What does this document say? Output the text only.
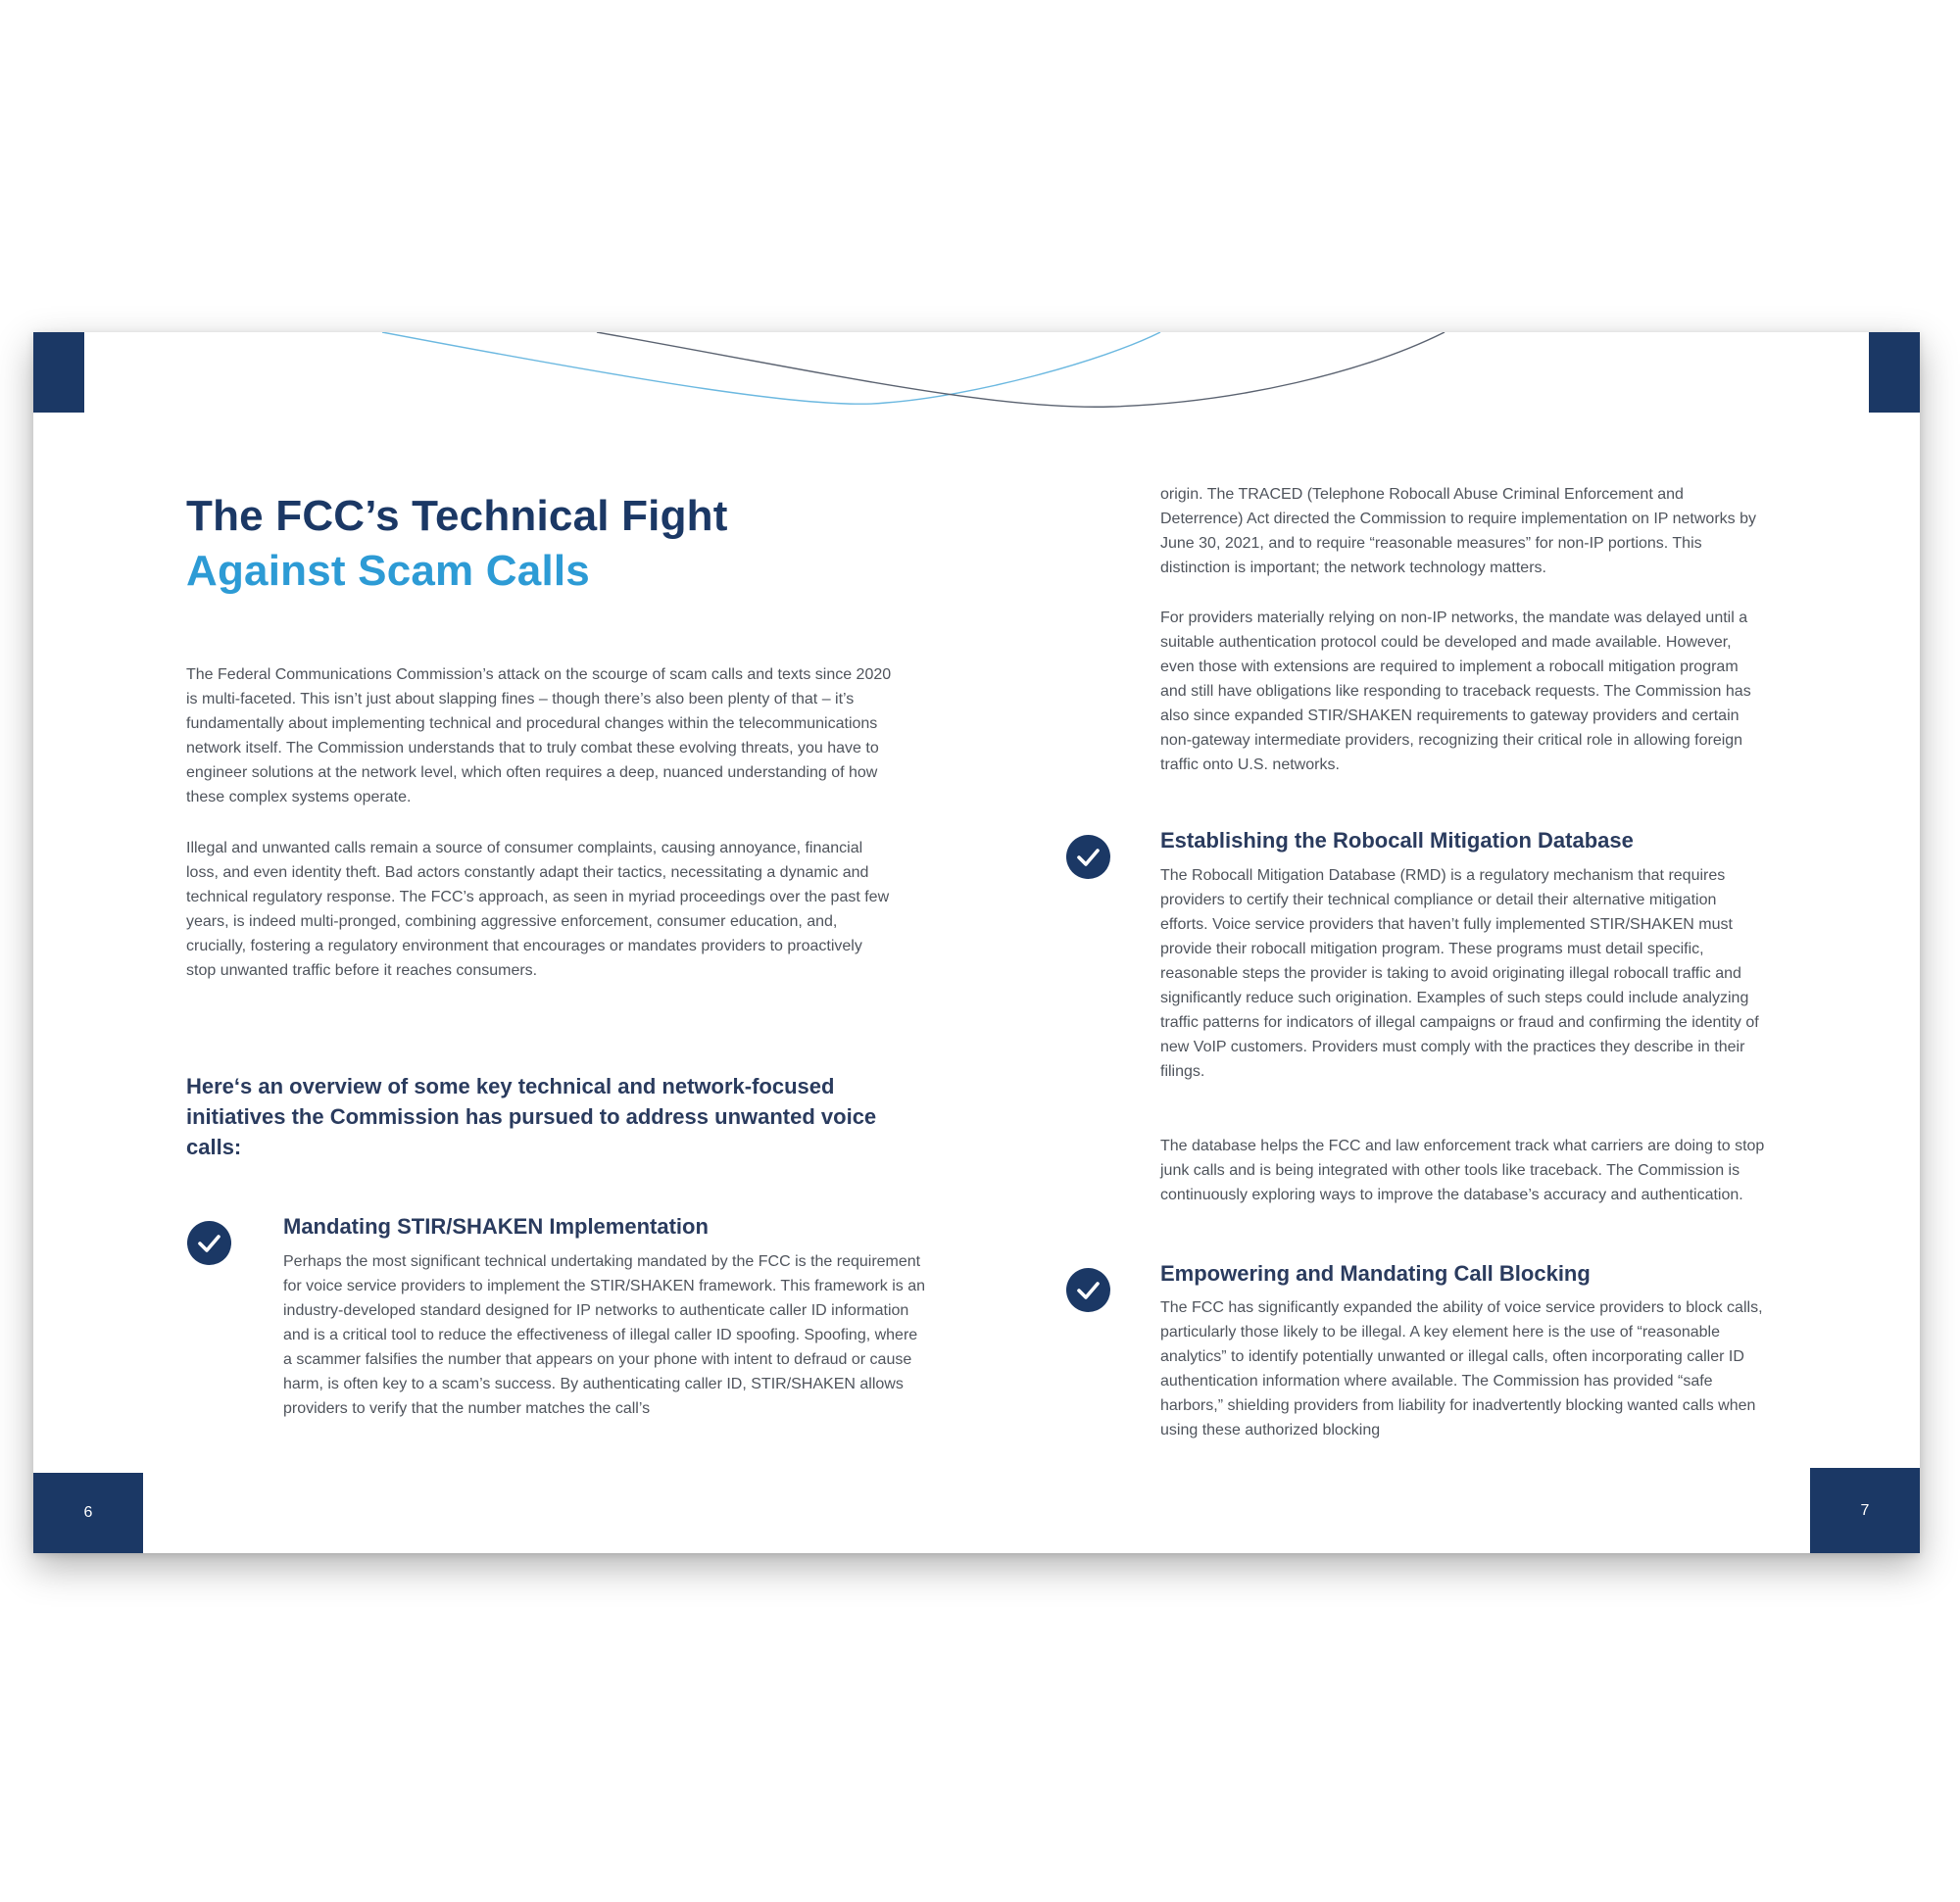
The FCC’s Technical Fight
Against Scam Calls

The Federal Communications Commission’s attack on the scourge of scam calls and texts since 2020 is multi-faceted. This isn’t just about slapping fines – though there’s also been plenty of that – it’s fundamentally about implementing technical and procedural changes within the telecommunications network itself. The Commission understands that to truly combat these evolving threats, you have to engineer solutions at the network level, which often requires a deep, nuanced understanding of how these complex systems operate.

Illegal and unwanted calls remain a source of consumer complaints, causing annoyance, financial loss, and even identity theft. Bad actors constantly adapt their tactics, necessitating a dynamic and technical regulatory response. The FCC’s approach, as seen in myriad proceedings over the past few years, is indeed multi-pronged, combining aggressive enforcement, consumer education, and, crucially, fostering a regulatory environment that encourages or mandates providers to proactively stop unwanted traffic before it reaches consumers.

Here‘s an overview of some key technical and network-focused initiatives the Commission has pursued to address unwanted voice calls:
Mandating STIR/SHAKEN Implementation

Perhaps the most significant technical undertaking mandated by the FCC is the requirement for voice service providers to implement the STIR/SHAKEN framework. This framework is an industry-developed standard designed for IP networks to authenticate caller ID information and is a critical tool to reduce the effectiveness of illegal caller ID spoofing. Spoofing, where a scammer falsifies the number that appears on your phone with intent to defraud or cause harm, is often key to a scam’s success. By authenticating caller ID, STIR/SHAKEN allows providers to verify that the number matches the call’s

6

origin. The TRACED (Telephone Robocall Abuse Criminal Enforcement and Deterrence) Act directed the Commission to require implementation on IP networks by June 30, 2021, and to require “reasonable measures” for non-IP portions. This distinction is important; the network technology matters.

For providers materially relying on non-IP networks, the mandate was delayed until a suitable authentication protocol could be developed and made available. However, even those with extensions are required to implement a robocall mitigation program and still have obligations like responding to traceback requests. The Commission has also since expanded STIR/SHAKEN requirements to gateway providers and certain non-gateway intermediate providers, recognizing their critical role in allowing foreign traffic onto U.S. networks.

Establishing the Robocall Mitigation Database

The Robocall Mitigation Database (RMD) is a regulatory mechanism that requires providers to certify their technical compliance or detail their alternative mitigation efforts. Voice service providers that haven’t fully implemented STIR/SHAKEN must provide their robocall mitigation program. These programs must detail specific, reasonable steps the provider is taking to avoid originating illegal robocall traffic and significantly reduce such origination. Examples of such steps could include analyzing traffic patterns for indicators of illegal campaigns or fraud and confirming the identity of new VoIP customers. Providers must comply with the practices they describe in their filings.

The database helps the FCC and law enforcement track what carriers are doing to stop junk calls and is being integrated with other tools like traceback. The Commission is continuously exploring ways to improve the database’s accuracy and authentication.

Empowering and Mandating Call Blocking

The FCC has significantly expanded the ability of voice service providers to block calls, particularly those likely to be illegal. A key element here is the use of “reasonable analytics” to identify potentially unwanted or illegal calls, often incorporating caller ID authentication information where available. The Commission has provided “safe harbors,” shielding providers from liability for inadvertently blocking wanted calls when using these authorized blocking

7
